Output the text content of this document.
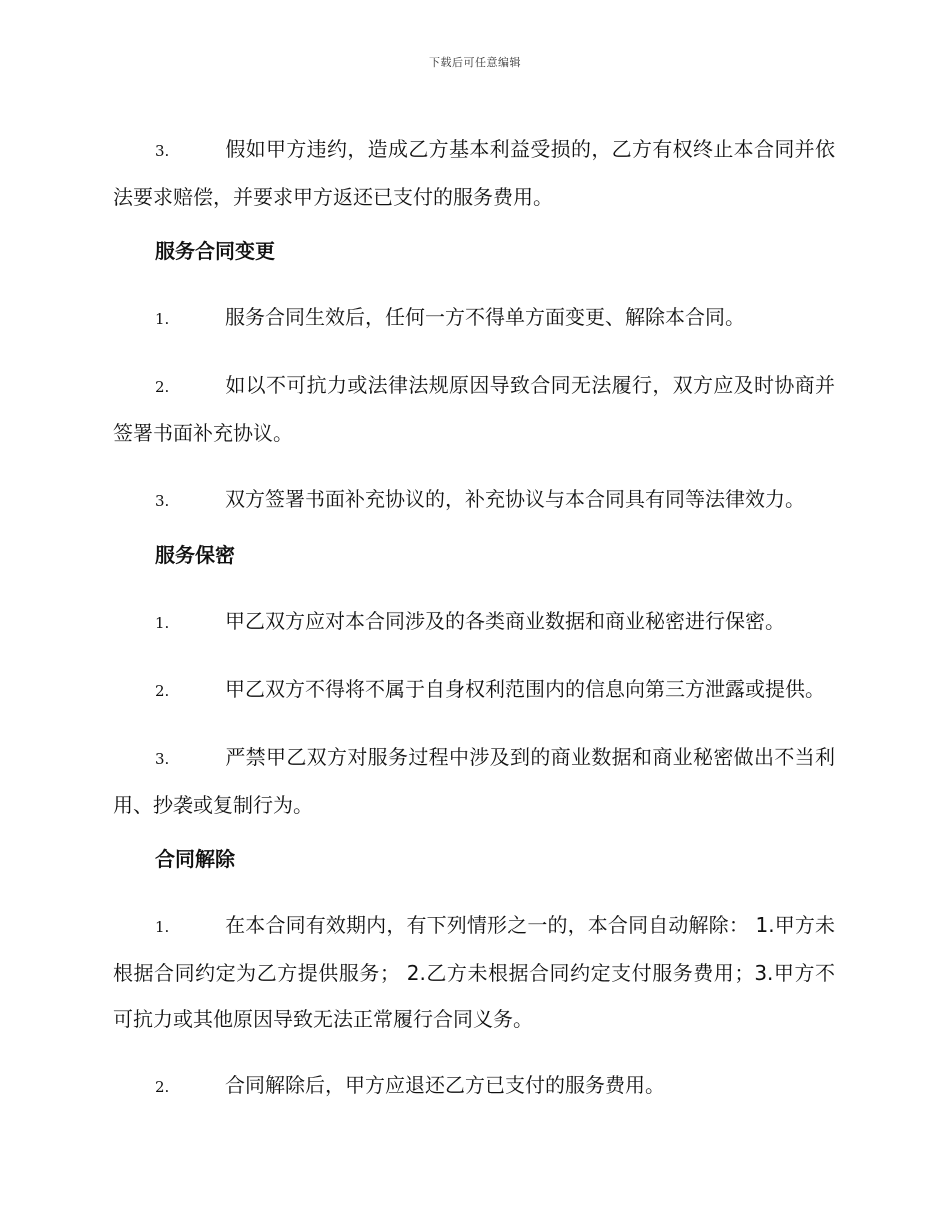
下载后可任意编辑

3.	假如甲方违约，造成乙方基本利益受损的，乙方有权终止本合同并依法要求赔偿，并要求甲方返还已支付的服务费用。

服务合同变更

1.	服务合同生效后，任何一方不得单方面变更、解除本合同。

2.	如以不可抗力或法律法规原因导致合同无法履行，双方应及时协商并签署书面补充协议。

3.	双方签署书面补充协议的，补充协议与本合同具有同等法律效力。

服务保密

1.	甲乙双方应对本合同涉及的各类商业数据和商业秘密进行保密。

2.	甲乙双方不得将不属于自身权利范围内的信息向第三方泄露或提供。

3.	严禁甲乙双方对服务过程中涉及到的商业数据和商业秘密做出不当利用、抄袭或复制行为。

合同解除

1.	在本合同有效期内，有下列情形之一的，本合同自动解除： 1.甲方未根据合同约定为乙方提供服务； 2.乙方未根据合同约定支付服务费用；3.甲方不可抗力或其他原因导致无法正常履行合同义务。

2.	合同解除后，甲方应退还乙方已支付的服务费用。
